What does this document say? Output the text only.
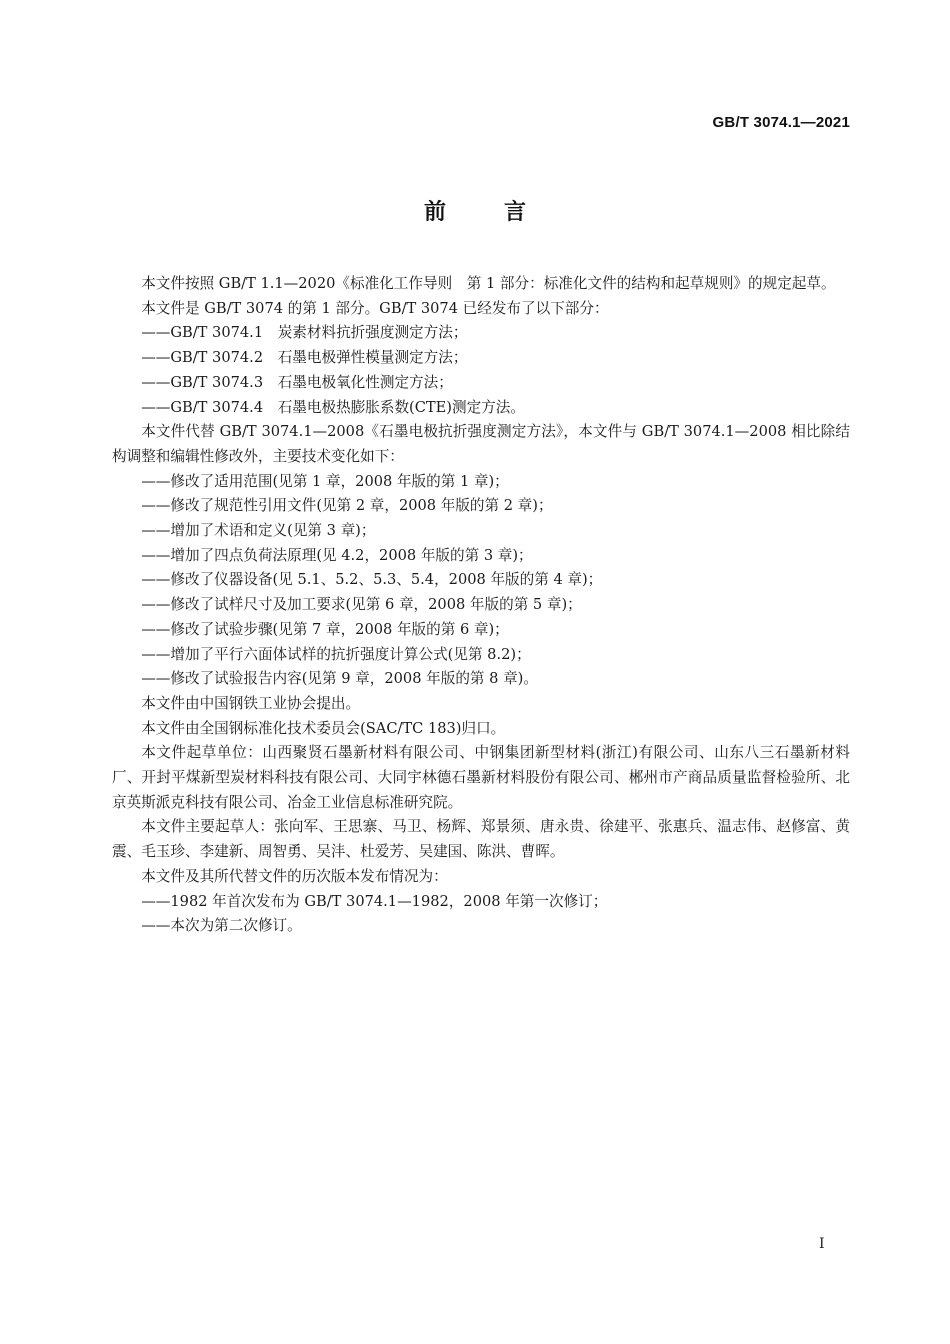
GB/T 3074.1—2021
前言

本文件按照 GB/T 1.1—2020《标准化工作导则　第 1 部分：标准化文件的结构和起草规则》的规定起草。

本文件是 GB/T 3074 的第 1 部分。GB/T 3074 已经发布了以下部分：

——GB/T 3074.1　炭素材料抗折强度测定方法；

——GB/T 3074.2　石墨电极弹性模量测定方法；

——GB/T 3074.3　石墨电极氧化性测定方法；

——GB/T 3074.4　石墨电极热膨胀系数(CTE)测定方法。

本文件代替 GB/T 3074.1—2008《石墨电极抗折强度测定方法》，本文件与 GB/T 3074.1—2008 相比除结构调整和编辑性修改外，主要技术变化如下：

——修改了适用范围(见第 1 章，2008 年版的第 1 章)；

——修改了规范性引用文件(见第 2 章，2008 年版的第 2 章)；

——增加了术语和定义(见第 3 章)；

——增加了四点负荷法原理(见 4.2，2008 年版的第 3 章)；

——修改了仪器设备(见 5.1、5.2、5.3、5.4，2008 年版的第 4 章)；

——修改了试样尺寸及加工要求(见第 6 章，2008 年版的第 5 章)；

——修改了试验步骤(见第 7 章，2008 年版的第 6 章)；

——增加了平行六面体试样的抗折强度计算公式(见第 8.2)；

——修改了试验报告内容(见第 9 章，2008 年版的第 8 章)。

本文件由中国钢铁工业协会提出。

本文件由全国钢标准化技术委员会(SAC/TC 183)归口。

本文件起草单位：山西聚贤石墨新材料有限公司、中钢集团新型材料(浙江)有限公司、山东八三石墨新材料厂、开封平煤新型炭材料科技有限公司、大同宇林德石墨新材料股份有限公司、郴州市产商品质量监督检验所、北京英斯派克科技有限公司、冶金工业信息标准研究院。

本文件主要起草人：张向军、王思寨、马卫、杨辉、郑景须、唐永贵、徐建平、张惠兵、温志伟、赵修富、黄震、毛玉珍、李建新、周智勇、吴沣、杜爱芳、吴建国、陈洪、曹晖。

本文件及其所代替文件的历次版本发布情况为：

——1982 年首次发布为 GB/T 3074.1—1982，2008 年第一次修订；

——本次为第二次修订。

I
